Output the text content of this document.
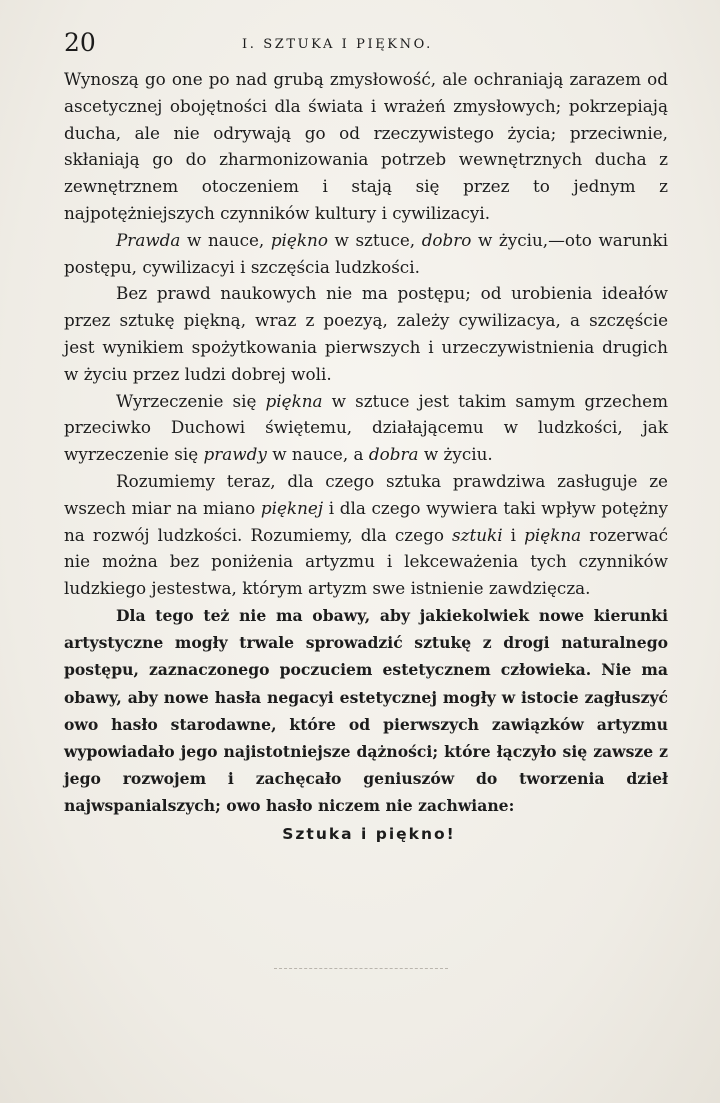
20	I. SZTUKA I PIĘKNO.

Wynoszą go one po nad grubą zmysłowość, ale ochraniają zarazem od ascetycznej obojętności dla świata i wrażeń zmysłowych; pokrzepiają ducha, ale nie odrywają go od rzeczywistego życia; przeciwnie, skłaniają go do zharmonizowania potrzeb wewnętrznych ducha z zewnętrznem otoczeniem i stają się przez to jednym z najpotężniejszych czynników kultury i cywilizacyi.

Prawda w nauce, piękno w sztuce, dobro w życiu,—oto warunki postępu, cywilizacyi i szczęścia ludzkości.

Bez prawd naukowych nie ma postępu; od urobienia ideałów przez sztukę piękną, wraz z poezyą, zależy cywilizacya, a szczęście jest wynikiem spożytkowania pierwszych i urzeczywistnienia drugich w życiu przez ludzi dobrej woli.

Wyrzeczenie się piękna w sztuce jest takim samym grzechem przeciwko Duchowi świętemu, działającemu w ludzkości, jak wyrzeczenie się prawdy w nauce, a dobra w życiu.

Rozumiemy teraz, dla czego sztuka prawdziwa zasługuje ze wszech miar na miano pięknej i dla czego wywiera taki wpływ potężny na rozwój ludzkości. Rozumiemy, dla czego sztuki i piękna rozerwać nie można bez poniżenia artyzmu i lekceważenia tych czynników ludzkiego jestestwa, którym artyzm swe istnienie zawdzięcza.

Dla tego też nie ma obawy, aby jakiekolwiek nowe kierunki artystyczne mogły trwale sprowadzić sztukę z drogi naturalnego postępu, zaznaczonego poczuciem estetycznem człowieka. Nie ma obawy, aby nowe hasła negacyi estetycznej mogły w istocie zagłuszyć owo hasło starodawne, które od pierwszych zawiązków artyzmu wypowiadało jego najistotniejsze dążności; które łączyło się zawsze z jego rozwojem i zachęcało geniuszów do tworzenia dzieł najwspanialszych; owo hasło niczem nie zachwiane:

Sztuka i piękno!
